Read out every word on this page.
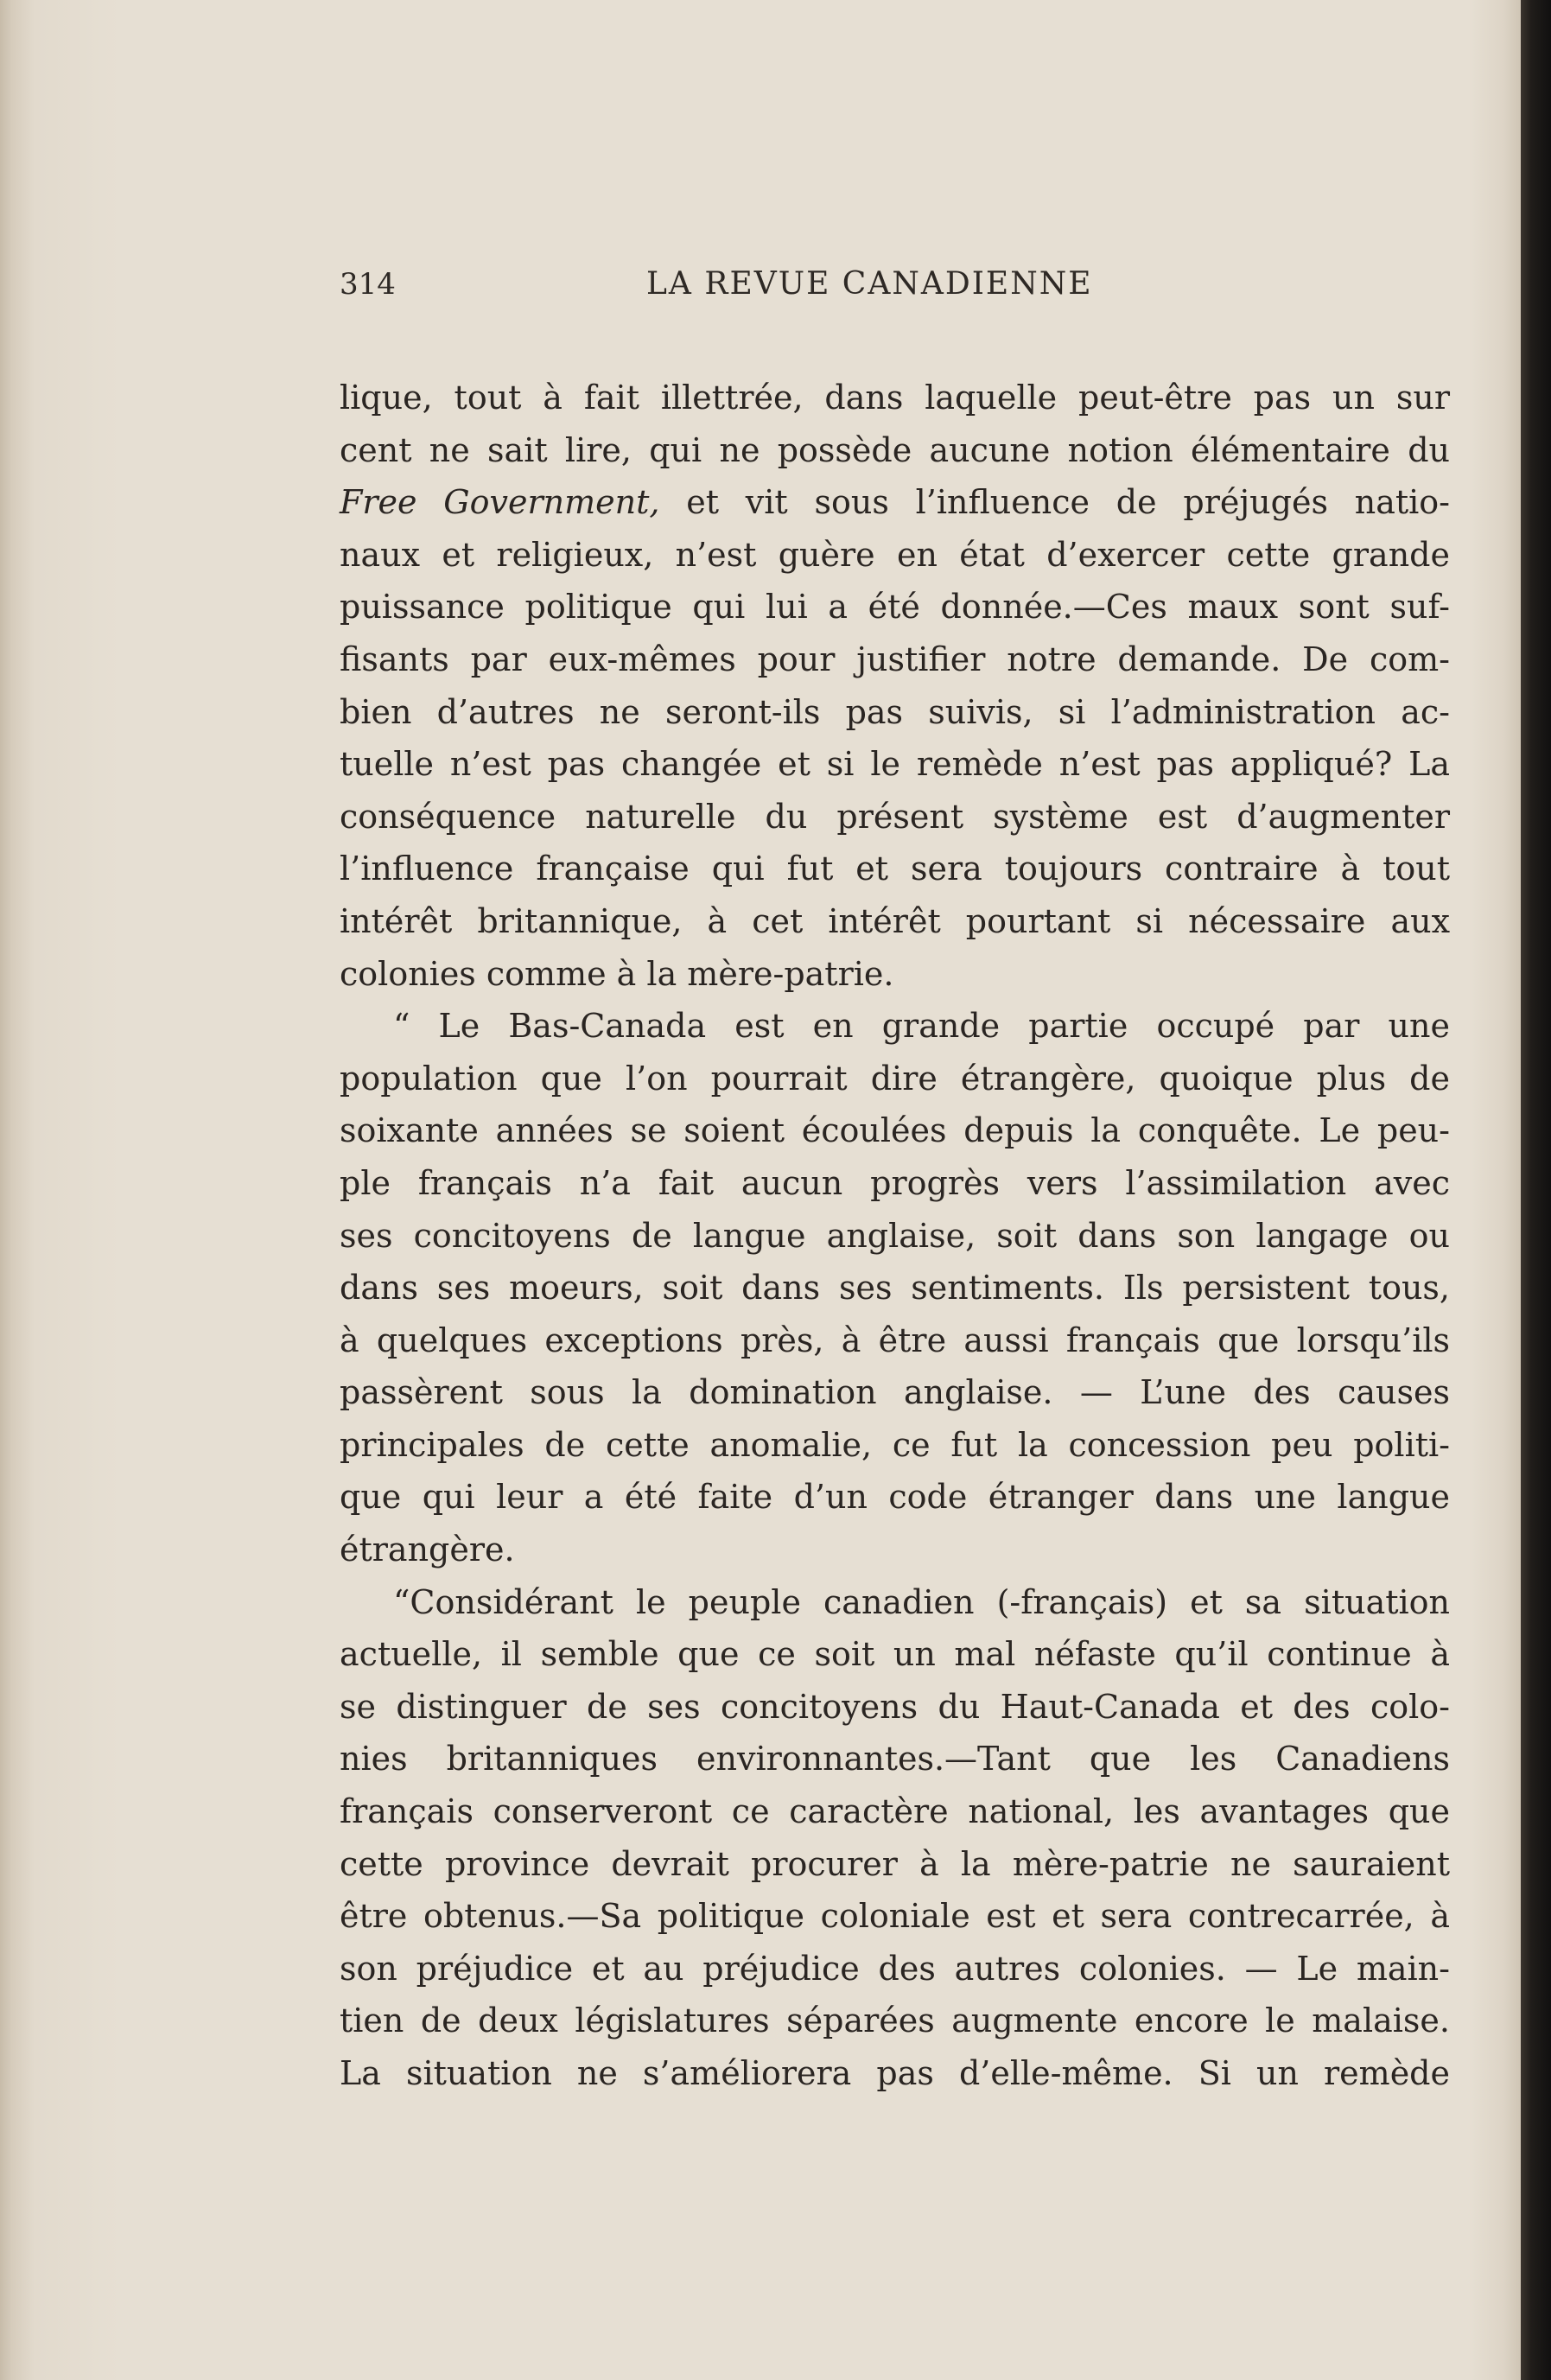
314	LA REVUE CANADIENNE
lique, tout à fait illettrée, dans laquelle peut-être pas un sur
cent ne sait lire, qui ne possède aucune notion élémentaire du
Free Government, et vit sous l’influence de préjugés natio-
naux et religieux, n’est guère en état d’exercer cette grande
puissance politique qui lui a été donnée.—Ces maux sont suf-
fisants par eux-mêmes pour justifier notre demande. De com-
bien d’autres ne seront-ils pas suivis, si l’administration ac-
tuelle n’est pas changée et si le remède n’est pas appliqué? La
conséquence naturelle du présent système est d’augmenter
l’influence française qui fut et sera toujours contraire à tout
intérêt britannique, à cet intérêt pourtant si nécessaire aux
colonies comme à la mère-patrie.
“ Le Bas-Canada est en grande partie occupé par une
population que l’on pourrait dire étrangère, quoique plus de
soixante années se soient écoulées depuis la conquête. Le peu-
ple français n’a fait aucun progrès vers l’assimilation avec
ses concitoyens de langue anglaise, soit dans son langage ou
dans ses moeurs, soit dans ses sentiments. Ils persistent tous,
à quelques exceptions près, à être aussi français que lorsqu’ils
passèrent sous la domination anglaise. — L’une des causes
principales de cette anomalie, ce fut la concession peu politi-
que qui leur a été faite d’un code étranger dans une langue
étrangère.
“Considérant le peuple canadien (-français) et sa situation
actuelle, il semble que ce soit un mal néfaste qu’il continue à
se distinguer de ses concitoyens du Haut-Canada et des colo-
nies britanniques environnantes.—Tant que les Canadiens
français conserveront ce caractère national, les avantages que
cette province devrait procurer à la mère-patrie ne sauraient
être obtenus.—Sa politique coloniale est et sera contrecarrée, à
son préjudice et au préjudice des autres colonies. — Le main-
tien de deux législatures séparées augmente encore le malaise.
La situation ne s’améliorera pas d’elle-même. Si un remède
